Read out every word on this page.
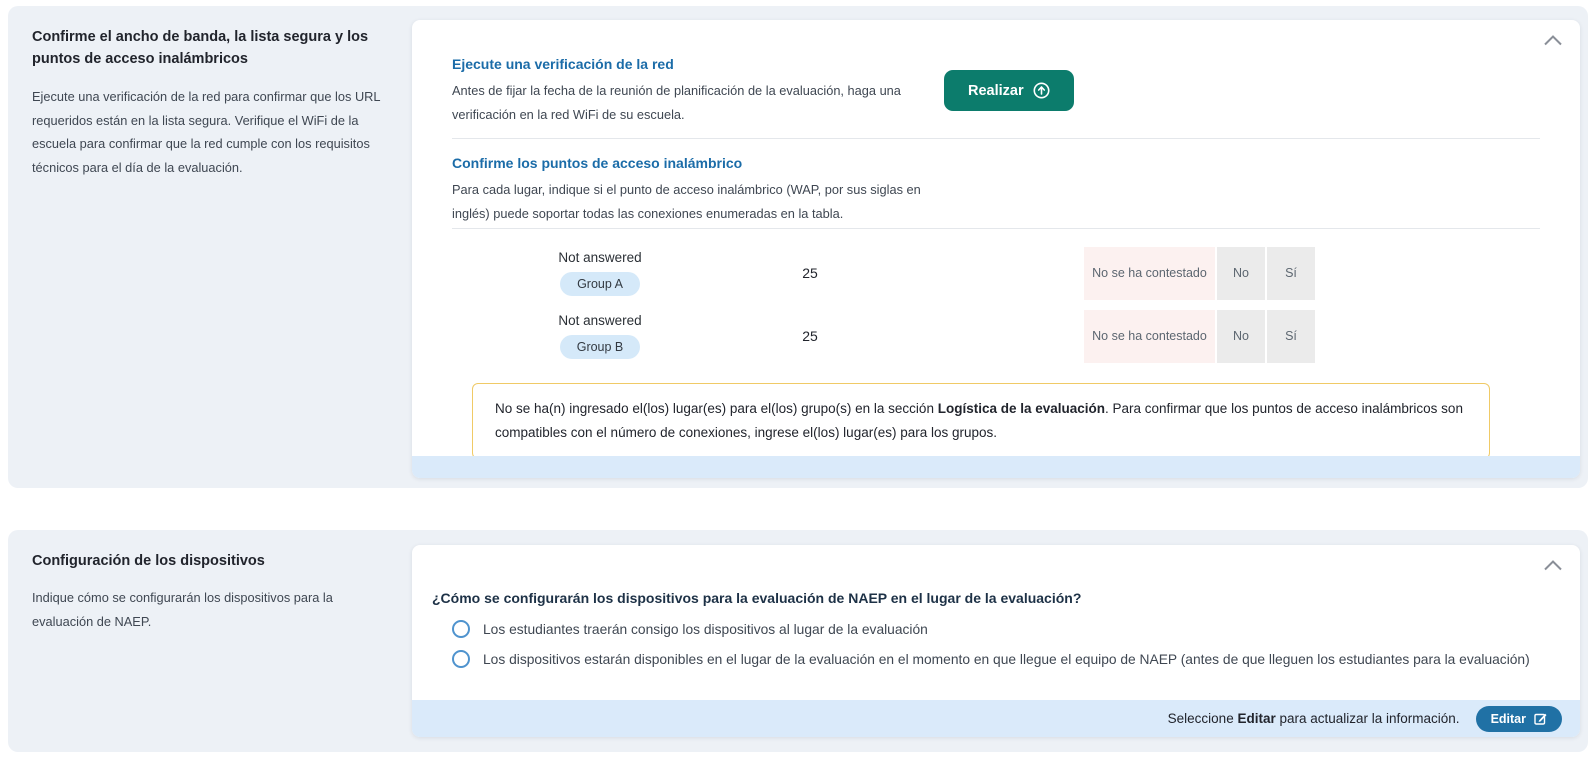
Confirme el ancho de banda, la lista segura y los puntos de acceso inalámbricos
Ejecute una verificación de la red para confirmar que los URL requeridos están en la lista segura. Verifique el WiFi de la escuela para confirmar que la red cumple con los requisitos técnicos para el día de la evaluación.
Ejecute una verificación de la red
Antes de fijar la fecha de la reunión de planificación de la evaluación, haga una verificación en la red WiFi de su escuela.
Realizar
Confirme los puntos de acceso inalámbrico
Para cada lugar, indique si el punto de acceso inalámbrico (WAP, por sus siglas en inglés) puede soportar todas las conexiones enumeradas en la tabla.
Not answered
Group A
25	No se ha contestado	No	Sí
Not answered
Group B
25	No se ha contestado	No	Sí
No se ha(n) ingresado el(los) lugar(es) para el(los) grupo(s) en la sección Logística de la evaluación. Para confirmar que los puntos de acceso inalámbricos son compatibles con el número de conexiones, ingrese el(los) lugar(es) para los grupos.
Configuración de los dispositivos
Indique cómo se configurarán los dispositivos para la evaluación de NAEP.
¿Cómo se configurarán los dispositivos para la evaluación de NAEP en el lugar de la evaluación?
Los estudiantes traerán consigo los dispositivos al lugar de la evaluación
Los dispositivos estarán disponibles en el lugar de la evaluación en el momento en que llegue el equipo de NAEP (antes de que lleguen los estudiantes para la evaluación)
Seleccione Editar para actualizar la información. Editar
